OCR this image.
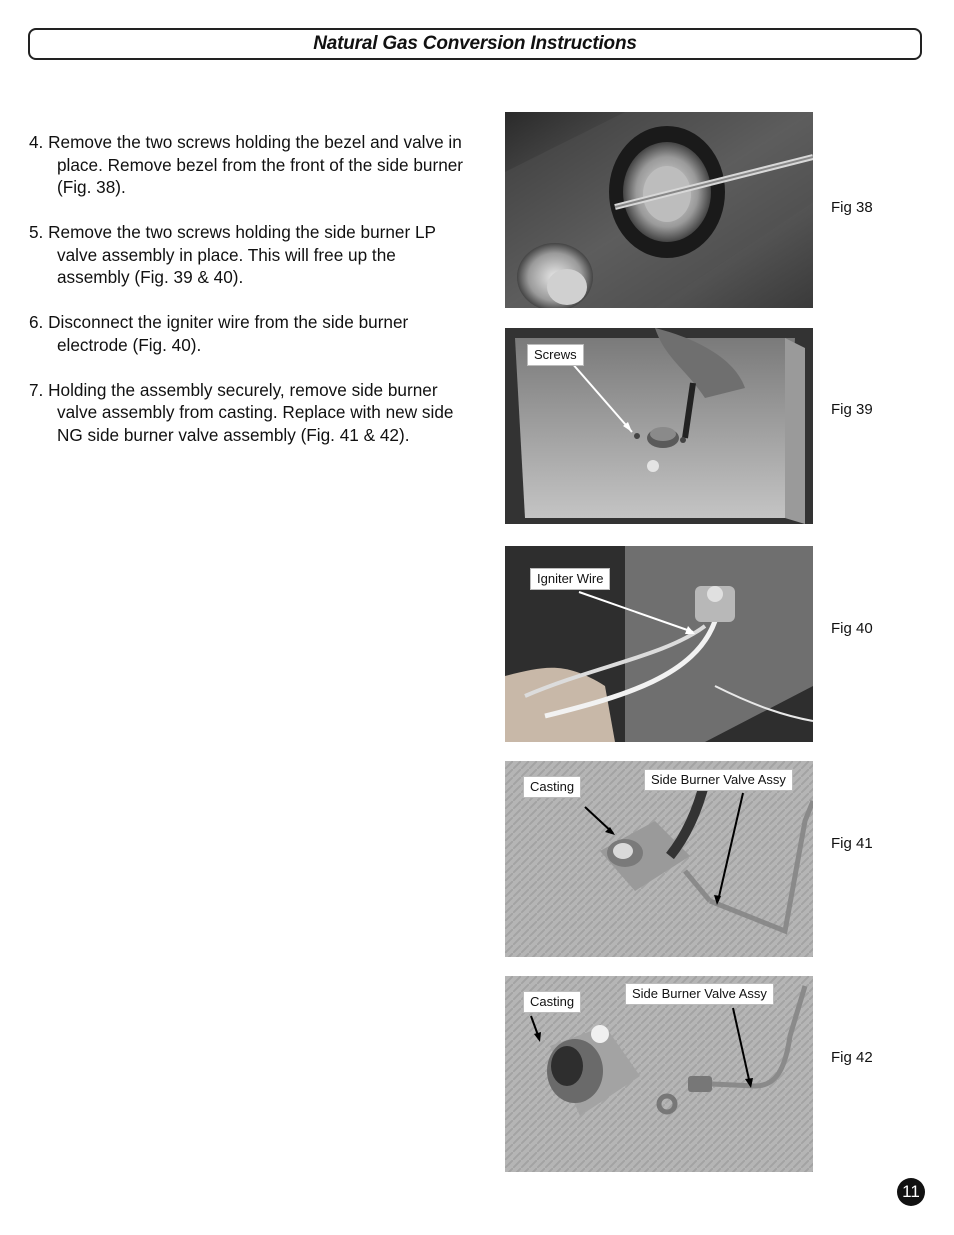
Natural Gas Conversion Instructions

4. Remove the two screws holding the bezel and valve in place. Remove bezel from the front of the side burner (Fig. 38).

5. Remove the two screws holding the side burner LP valve assembly in place. This will free up the assembly (Fig. 39 & 40).

6. Disconnect the igniter wire from the side burner electrode (Fig. 40).

7. Holding the assembly securely, remove side burner valve assembly from casting. Replace with new side NG side burner valve assembly (Fig. 41 & 42).

Fig 38
Screws
Fig 39
Igniter Wire
Fig 40
Casting	Side Burner Valve Assy
Fig 41
Casting
Side Burner Valve Assy
Fig 42
11
